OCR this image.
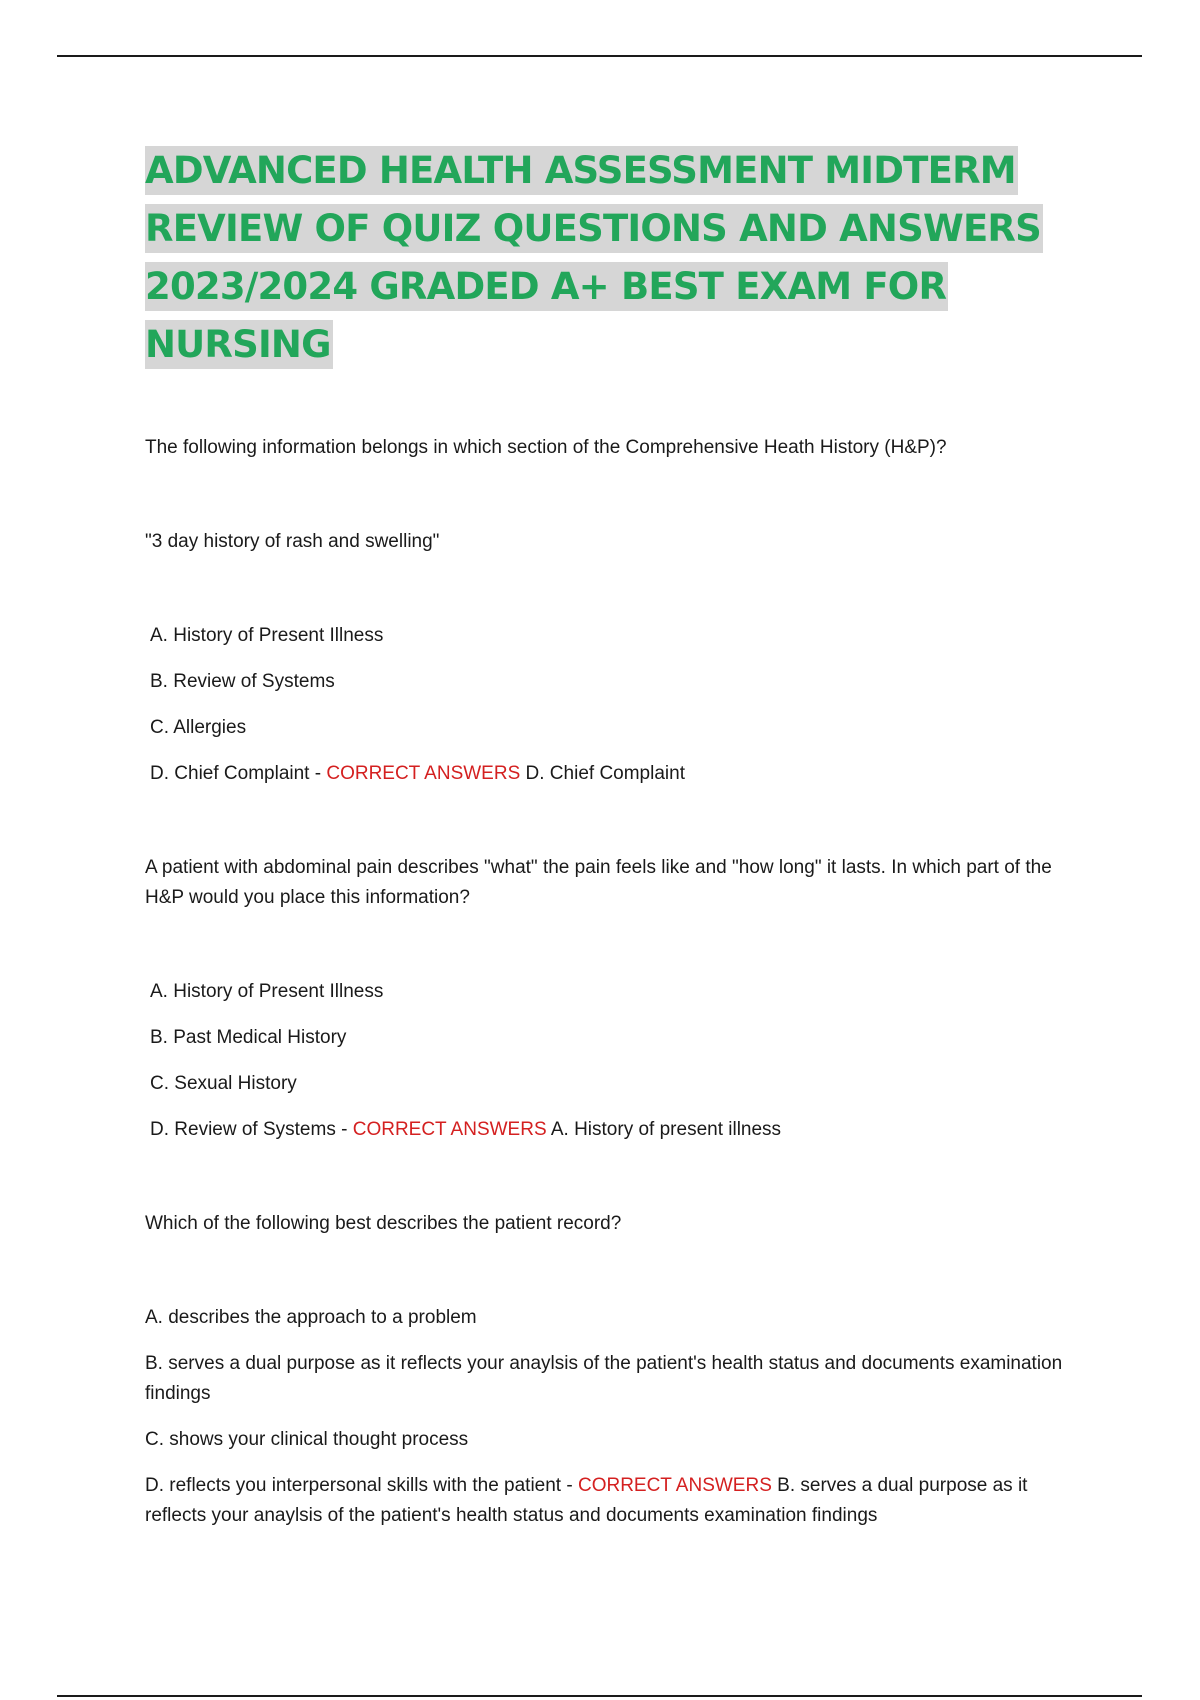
ADVANCED HEALTH ASSESSMENT MIDTERM REVIEW OF QUIZ QUESTIONS AND ANSWERS 2023/2024 GRADED A+ BEST EXAM FOR NURSING

The following information belongs in which section of the Comprehensive Heath History (H&P)?

"3 day history of rash and swelling"

A. History of Present Illness

B. Review of Systems

C. Allergies

D. Chief Complaint - CORRECT ANSWERS D. Chief Complaint

A patient with abdominal pain describes "what" the pain feels like and "how long" it lasts. In which part of the H&P would you place this information?

A. History of Present Illness

B. Past Medical History

C. Sexual History

D. Review of Systems - CORRECT ANSWERS A. History of present illness

Which of the following best describes the patient record?

A. describes the approach to a problem

B. serves a dual purpose as it reflects your anaylsis of the patient's health status and documents examination findings

C. shows your clinical thought process

D. reflects you interpersonal skills with the patient - CORRECT ANSWERS B. serves a dual purpose as it reflects your anaylsis of the patient's health status and documents examination findings
